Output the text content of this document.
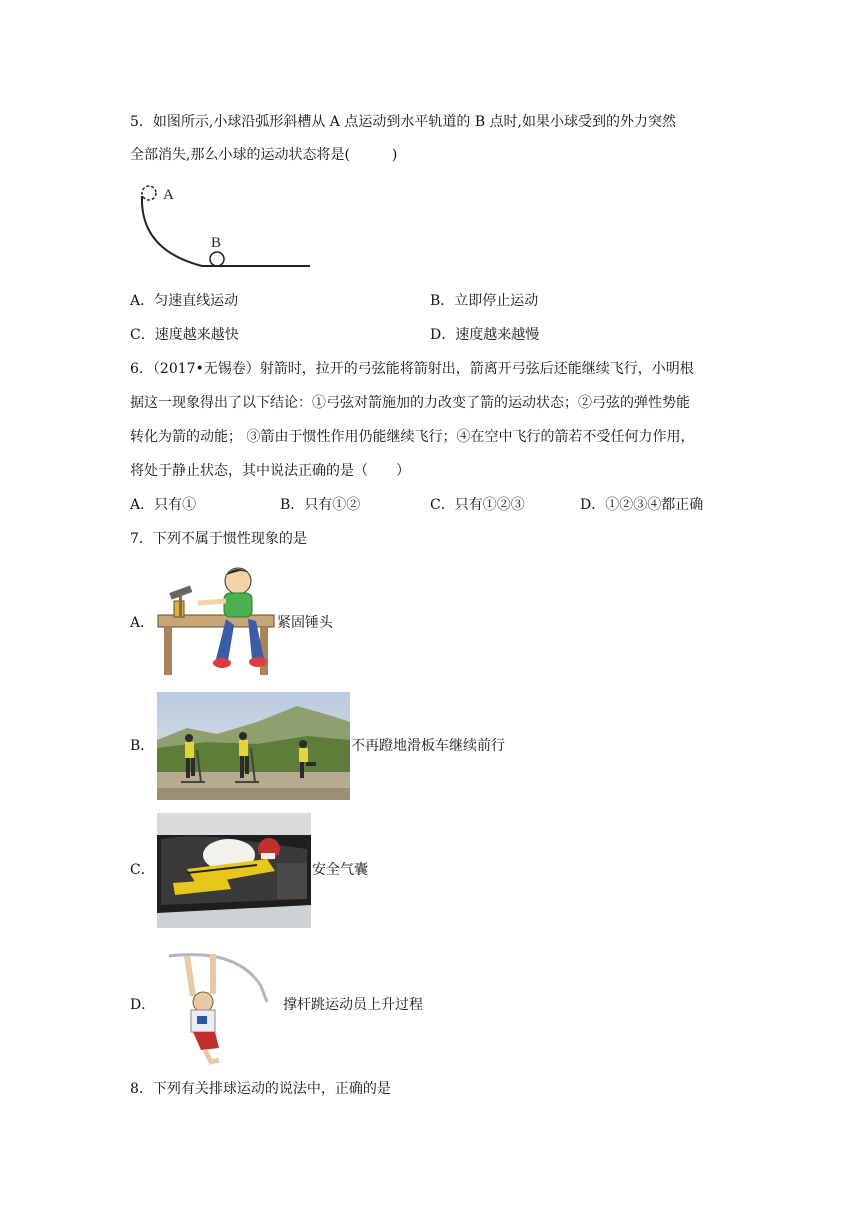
5．如图所示,小球沿弧形斜槽从 A 点运动到水平轨道的 B 点时,如果小球受到的外力突然
全部消失,那么小球的运动状态将是(　　　)
A
B
A．匀速直线运动	B．立即停止运动
C．速度越来越快	D．速度越来越慢
6．（2017•无锡卷）射箭时，拉开的弓弦能将箭射出，箭离开弓弦后还能继续飞行，小明根
据这一现象得出了以下结论：①弓弦对箭施加的力改变了箭的运动状态；②弓弦的弹性势能
转化为箭的动能； ③箭由于惯性作用仍能继续飞行；④在空中飞行的箭若不受任何力作用，
将处于静止状态，其中说法正确的是（　　）
A．只有①	B．只有①②	C．只有①②③	D．①②③④都正确
7．下列不属于惯性现象的是
A．	紧固锤头
B．	不再蹬地滑板车继续前行
C．	安全气囊
D．	撑杆跳运动员上升过程
8．下列有关排球运动的说法中，正确的是
